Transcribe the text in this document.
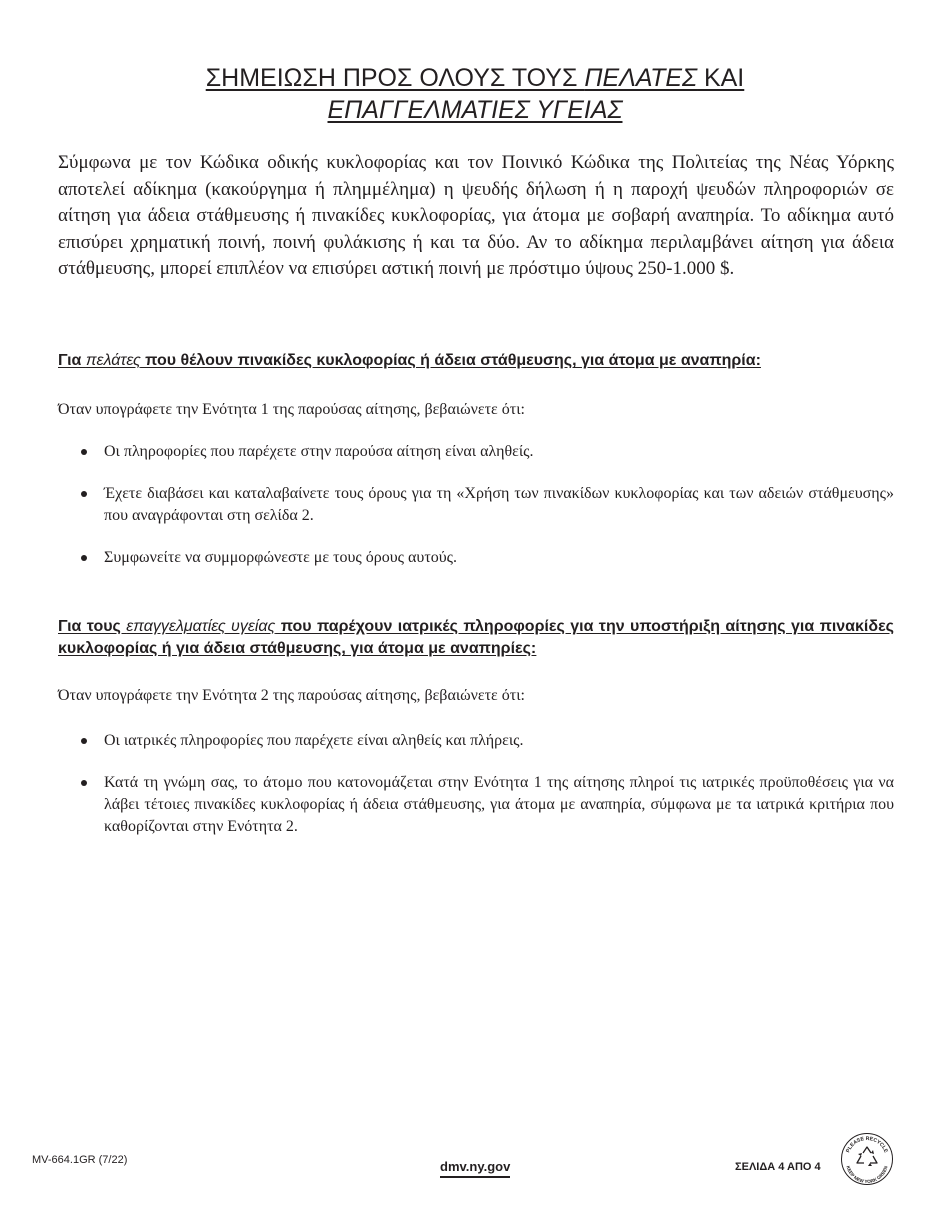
ΣΗΜΕΙΩΣΗ ΠΡΟΣ ΟΛΟΥΣ ΤΟΥΣ ΠΕΛΑΤΕΣ ΚΑΙ
ΕΠΑΓΓΕΛΜΑΤΙΕΣ ΥΓΕΙΑΣ

Σύμφωνα με τον Κώδικα οδικής κυκλοφορίας και τον Ποινικό Κώδικα της Πολιτείας της Νέας Υόρκης αποτελεί αδίκημα (κακούργημα ή πλημμέλημα) η ψευδής δήλωση ή η παροχή ψευδών πληροφοριών σε αίτηση για άδεια στάθμευσης ή πινακίδες κυκλοφορίας, για άτομα με σοβαρή αναπηρία. Το αδίκημα αυτό επισύρει χρηματική ποινή, ποινή φυλάκισης ή και τα δύο. Αν το αδίκημα περιλαμβάνει αίτηση για άδεια στάθμευσης, μπορεί επιπλέον να επισύρει αστική ποινή με πρόστιμο ύψους 250-1.000 $.

Για πελάτες που θέλουν πινακίδες κυκλοφορίας ή άδεια στάθμευσης, για άτομα με αναπηρία:

Όταν υπογράφετε την Ενότητα 1 της παρούσας αίτησης, βεβαιώνετε ότι:

Οι πληροφορίες που παρέχετε στην παρούσα αίτηση είναι αληθείς.
Έχετε διαβάσει και καταλαβαίνετε τους όρους για τη «Χρήση των πινακίδων κυκλοφορίας και των αδειών στάθμευσης» που αναγράφονται στη σελίδα 2.
Συμφωνείτε να συμμορφώνεστε με τους όρους αυτούς.

Για τους επαγγελματίες υγείας που παρέχουν ιατρικές πληροφορίες για την υποστήριξη αίτησης για πινακίδες κυκλοφορίας ή για άδεια στάθμευσης, για άτομα με αναπηρίες:

Όταν υπογράφετε την Ενότητα 2 της παρούσας αίτησης, βεβαιώνετε ότι:

Οι ιατρικές πληροφορίες που παρέχετε είναι αληθείς και πλήρεις.
Κατά τη γνώμη σας, το άτομο που κατονομάζεται στην Ενότητα 1 της αίτησης πληροί τις ιατρικές προϋποθέσεις για να λάβει τέτοιες πινακίδες κυκλοφορίας ή άδεια στάθμευσης, για άτομα με αναπηρία, σύμφωνα με τα ιατρικά κριτήρια που καθορίζονται στην Ενότητα 2.
MV-664.1GR (7/22)	dmv.ny.gov	ΣΕΛΙΔΑ 4 ΑΠΟ 4
PLEASE RECYCLE
KEEP NEW YORK GREEN
